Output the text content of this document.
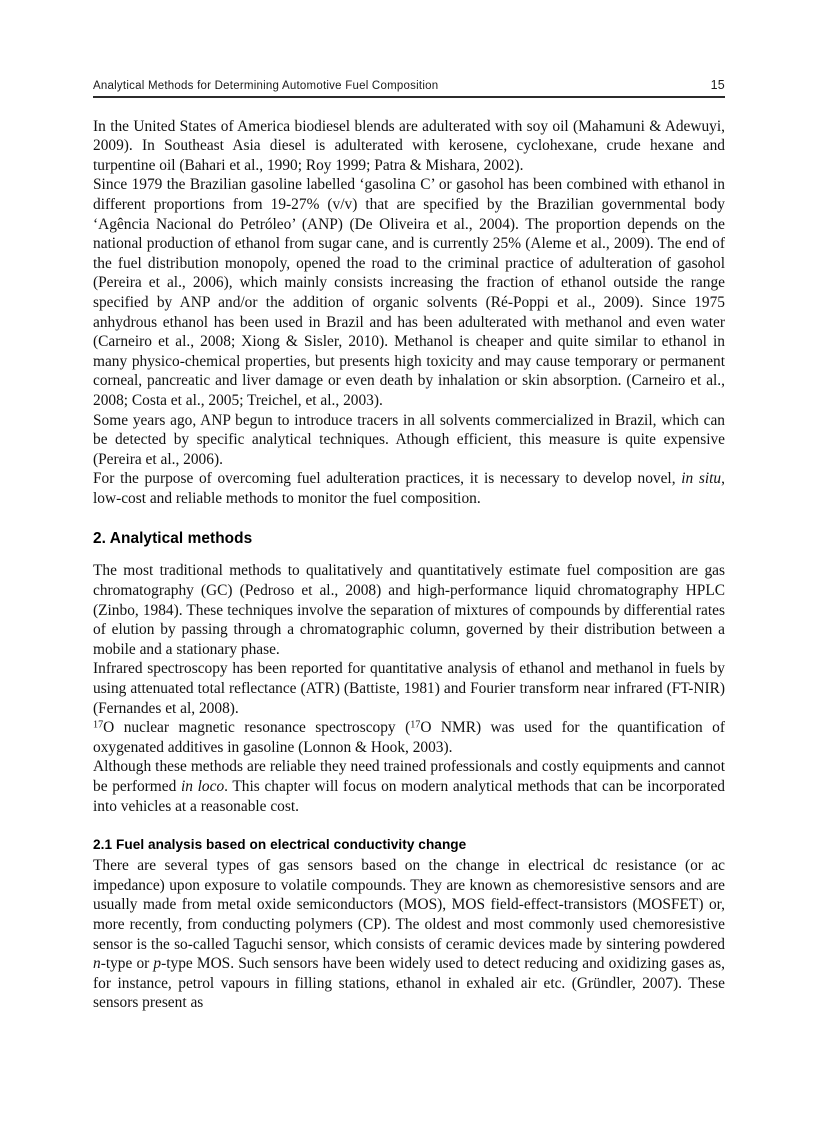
Analytical Methods for Determining Automotive Fuel Composition	15

In the United States of America biodiesel blends are adulterated with soy oil (Mahamuni & Adewuyi, 2009). In Southeast Asia diesel is adulterated with kerosene, cyclohexane, crude hexane and turpentine oil (Bahari et al., 1990; Roy 1999; Patra & Mishara, 2002).

Since 1979 the Brazilian gasoline labelled ‘gasolina C’ or gasohol has been combined with ethanol in different proportions from 19-27% (v/v) that are specified by the Brazilian governmental body ‘Agência Nacional do Petróleo’ (ANP) (De Oliveira et al., 2004). The proportion depends on the national production of ethanol from sugar cane, and is currently 25% (Aleme et al., 2009). The end of the fuel distribution monopoly, opened the road to the criminal practice of adulteration of gasohol (Pereira et al., 2006), which mainly consists increasing the fraction of ethanol outside the range specified by ANP and/or the addition of organic solvents (Ré-Poppi et al., 2009). Since 1975 anhydrous ethanol has been used in Brazil and has been adulterated with methanol and even water (Carneiro et al., 2008; Xiong & Sisler, 2010). Methanol is cheaper and quite similar to ethanol in many physico-chemical properties, but presents high toxicity and may cause temporary or permanent corneal, pancreatic and liver damage or even death by inhalation or skin absorption. (Carneiro et al., 2008; Costa et al., 2005; Treichel, et al., 2003).

Some years ago, ANP begun to introduce tracers in all solvents commercialized in Brazil, which can be detected by specific analytical techniques. Athough efficient, this measure is quite expensive (Pereira et al., 2006).

For the purpose of overcoming fuel adulteration practices, it is necessary to develop novel, in situ, low-cost and reliable methods to monitor the fuel composition.

2. Analytical methods

The most traditional methods to qualitatively and quantitatively estimate fuel composition are gas chromatography (GC) (Pedroso et al., 2008) and high-performance liquid chromatography HPLC (Zinbo, 1984). These techniques involve the separation of mixtures of compounds by differential rates of elution by passing through a chromatographic column, governed by their distribution between a mobile and a stationary phase.

Infrared spectroscopy has been reported for quantitative analysis of ethanol and methanol in fuels by using attenuated total reflectance (ATR) (Battiste, 1981) and Fourier transform near infrared (FT-NIR) (Fernandes et al, 2008).

$^{17}$O nuclear magnetic resonance spectroscopy ($^{17}$O NMR) was used for the quantification of oxygenated additives in gasoline (Lonnon & Hook, 2003).

Although these methods are reliable they need trained professionals and costly equipments and cannot be performed in loco. This chapter will focus on modern analytical methods that can be incorporated into vehicles at a reasonable cost.

2.1 Fuel analysis based on electrical conductivity change

There are several types of gas sensors based on the change in electrical dc resistance (or ac impedance) upon exposure to volatile compounds. They are known as chemoresistive sensors and are usually made from metal oxide semiconductors (MOS), MOS field-effect-transistors (MOSFET) or, more recently, from conducting polymers (CP). The oldest and most commonly used chemoresistive sensor is the so-called Taguchi sensor, which consists of ceramic devices made by sintering powdered n-type or p-type MOS. Such sensors have been widely used to detect reducing and oxidizing gases as, for instance, petrol vapours in filling stations, ethanol in exhaled air etc. (Gründler, 2007). These sensors present as
